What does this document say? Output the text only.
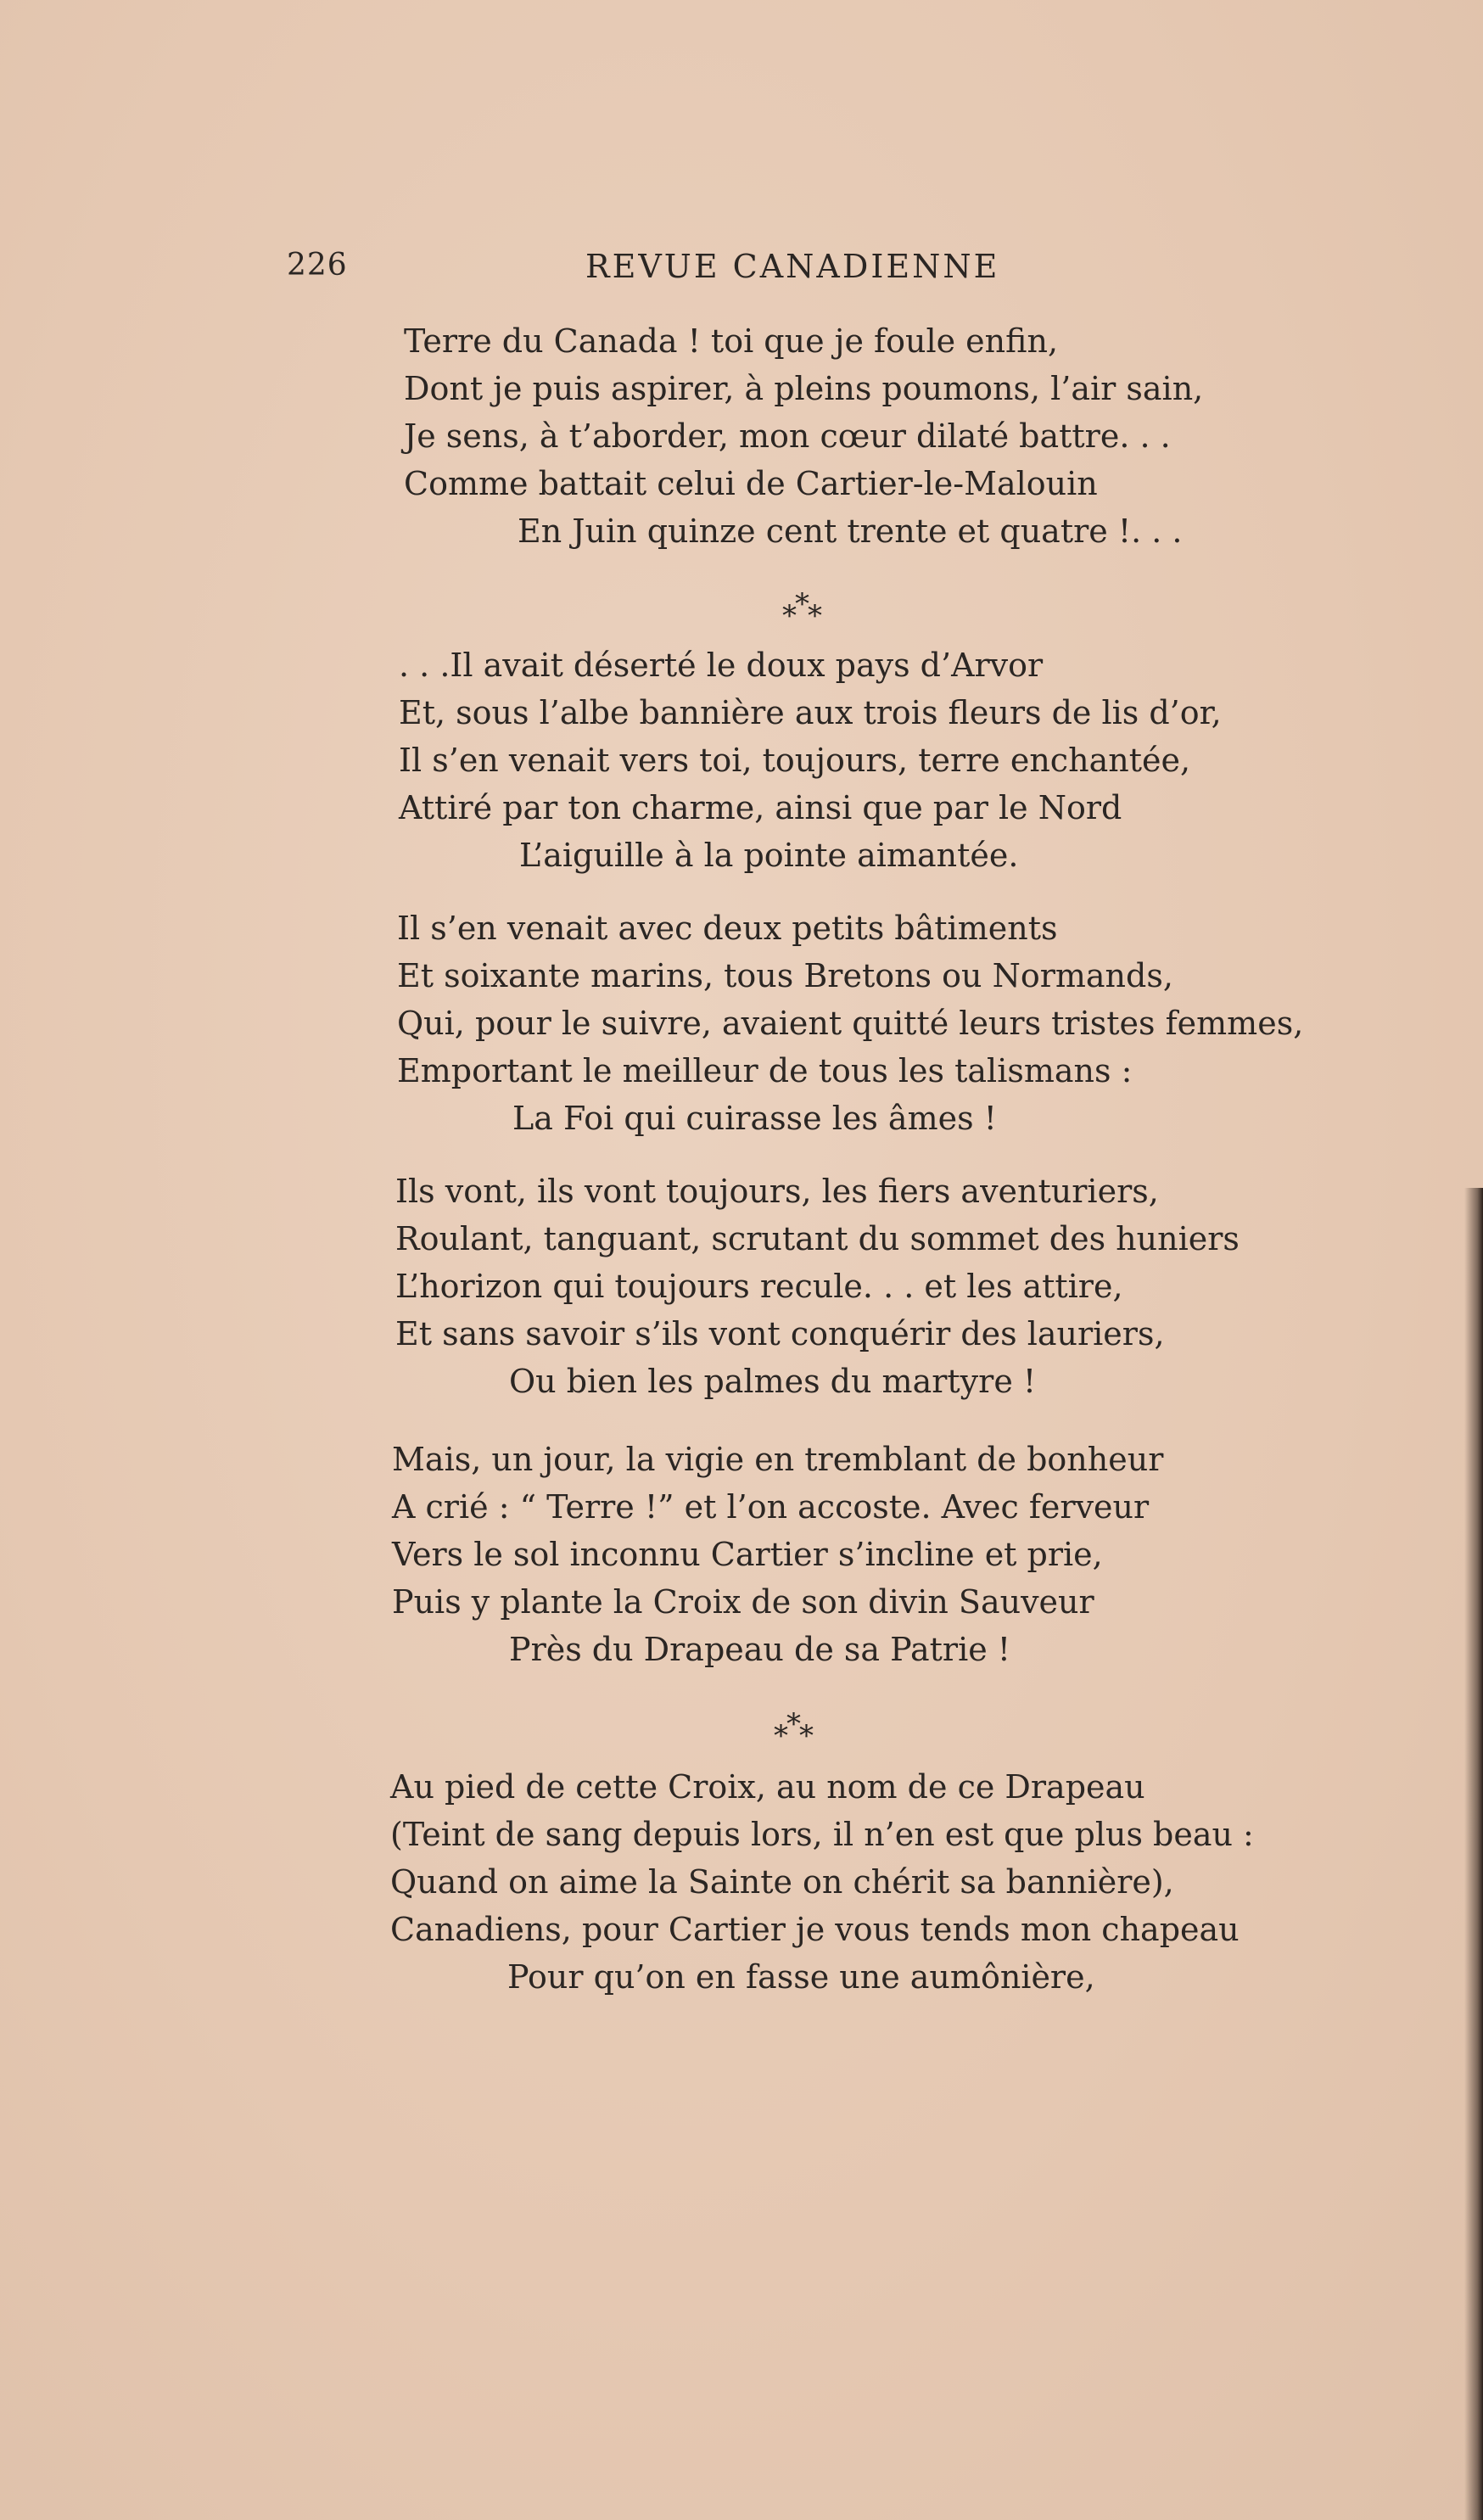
226	REVUE CANADIENNE
Terre du Canada ! toi que je foule enfin,
Dont je puis aspirer, à pleins poumons, l’air sain,
Je sens, à t’aborder, mon cœur dilaté battre. . .
Comme battait celui de Cartier-le-Malouin
En Juin quinze cent trente et quatre !. . .
***
. . .Il avait déserté le doux pays d’Arvor
Et, sous l’albe bannière aux trois fleurs de lis d’or,
Il s’en venait vers toi, toujours, terre enchantée,
Attiré par ton charme, ainsi que par le Nord
L’aiguille à la pointe aimantée.
Il s’en venait avec deux petits bâtiments
Et soixante marins, tous Bretons ou Normands,
Qui, pour le suivre, avaient quitté leurs tristes femmes,
Emportant le meilleur de tous les talismans :
La Foi qui cuirasse les âmes !
Ils vont, ils vont toujours, les fiers aventuriers,
Roulant, tanguant, scrutant du sommet des huniers
L’horizon qui toujours recule. . . et les attire,
Et sans savoir s’ils vont conquérir des lauriers,
Ou bien les palmes du martyre !
Mais, un jour, la vigie en tremblant de bonheur
A crié : “ Terre !” et l’on accoste. Avec ferveur
Vers le sol inconnu Cartier s’incline et prie,
Puis y plante la Croix de son divin Sauveur
Près du Drapeau de sa Patrie !
***
Au pied de cette Croix, au nom de ce Drapeau
(Teint de sang depuis lors, il n’en est que plus beau :
Quand on aime la Sainte on chérit sa bannière),
Canadiens, pour Cartier je vous tends mon chapeau
Pour qu’on en fasse une aumônière,
